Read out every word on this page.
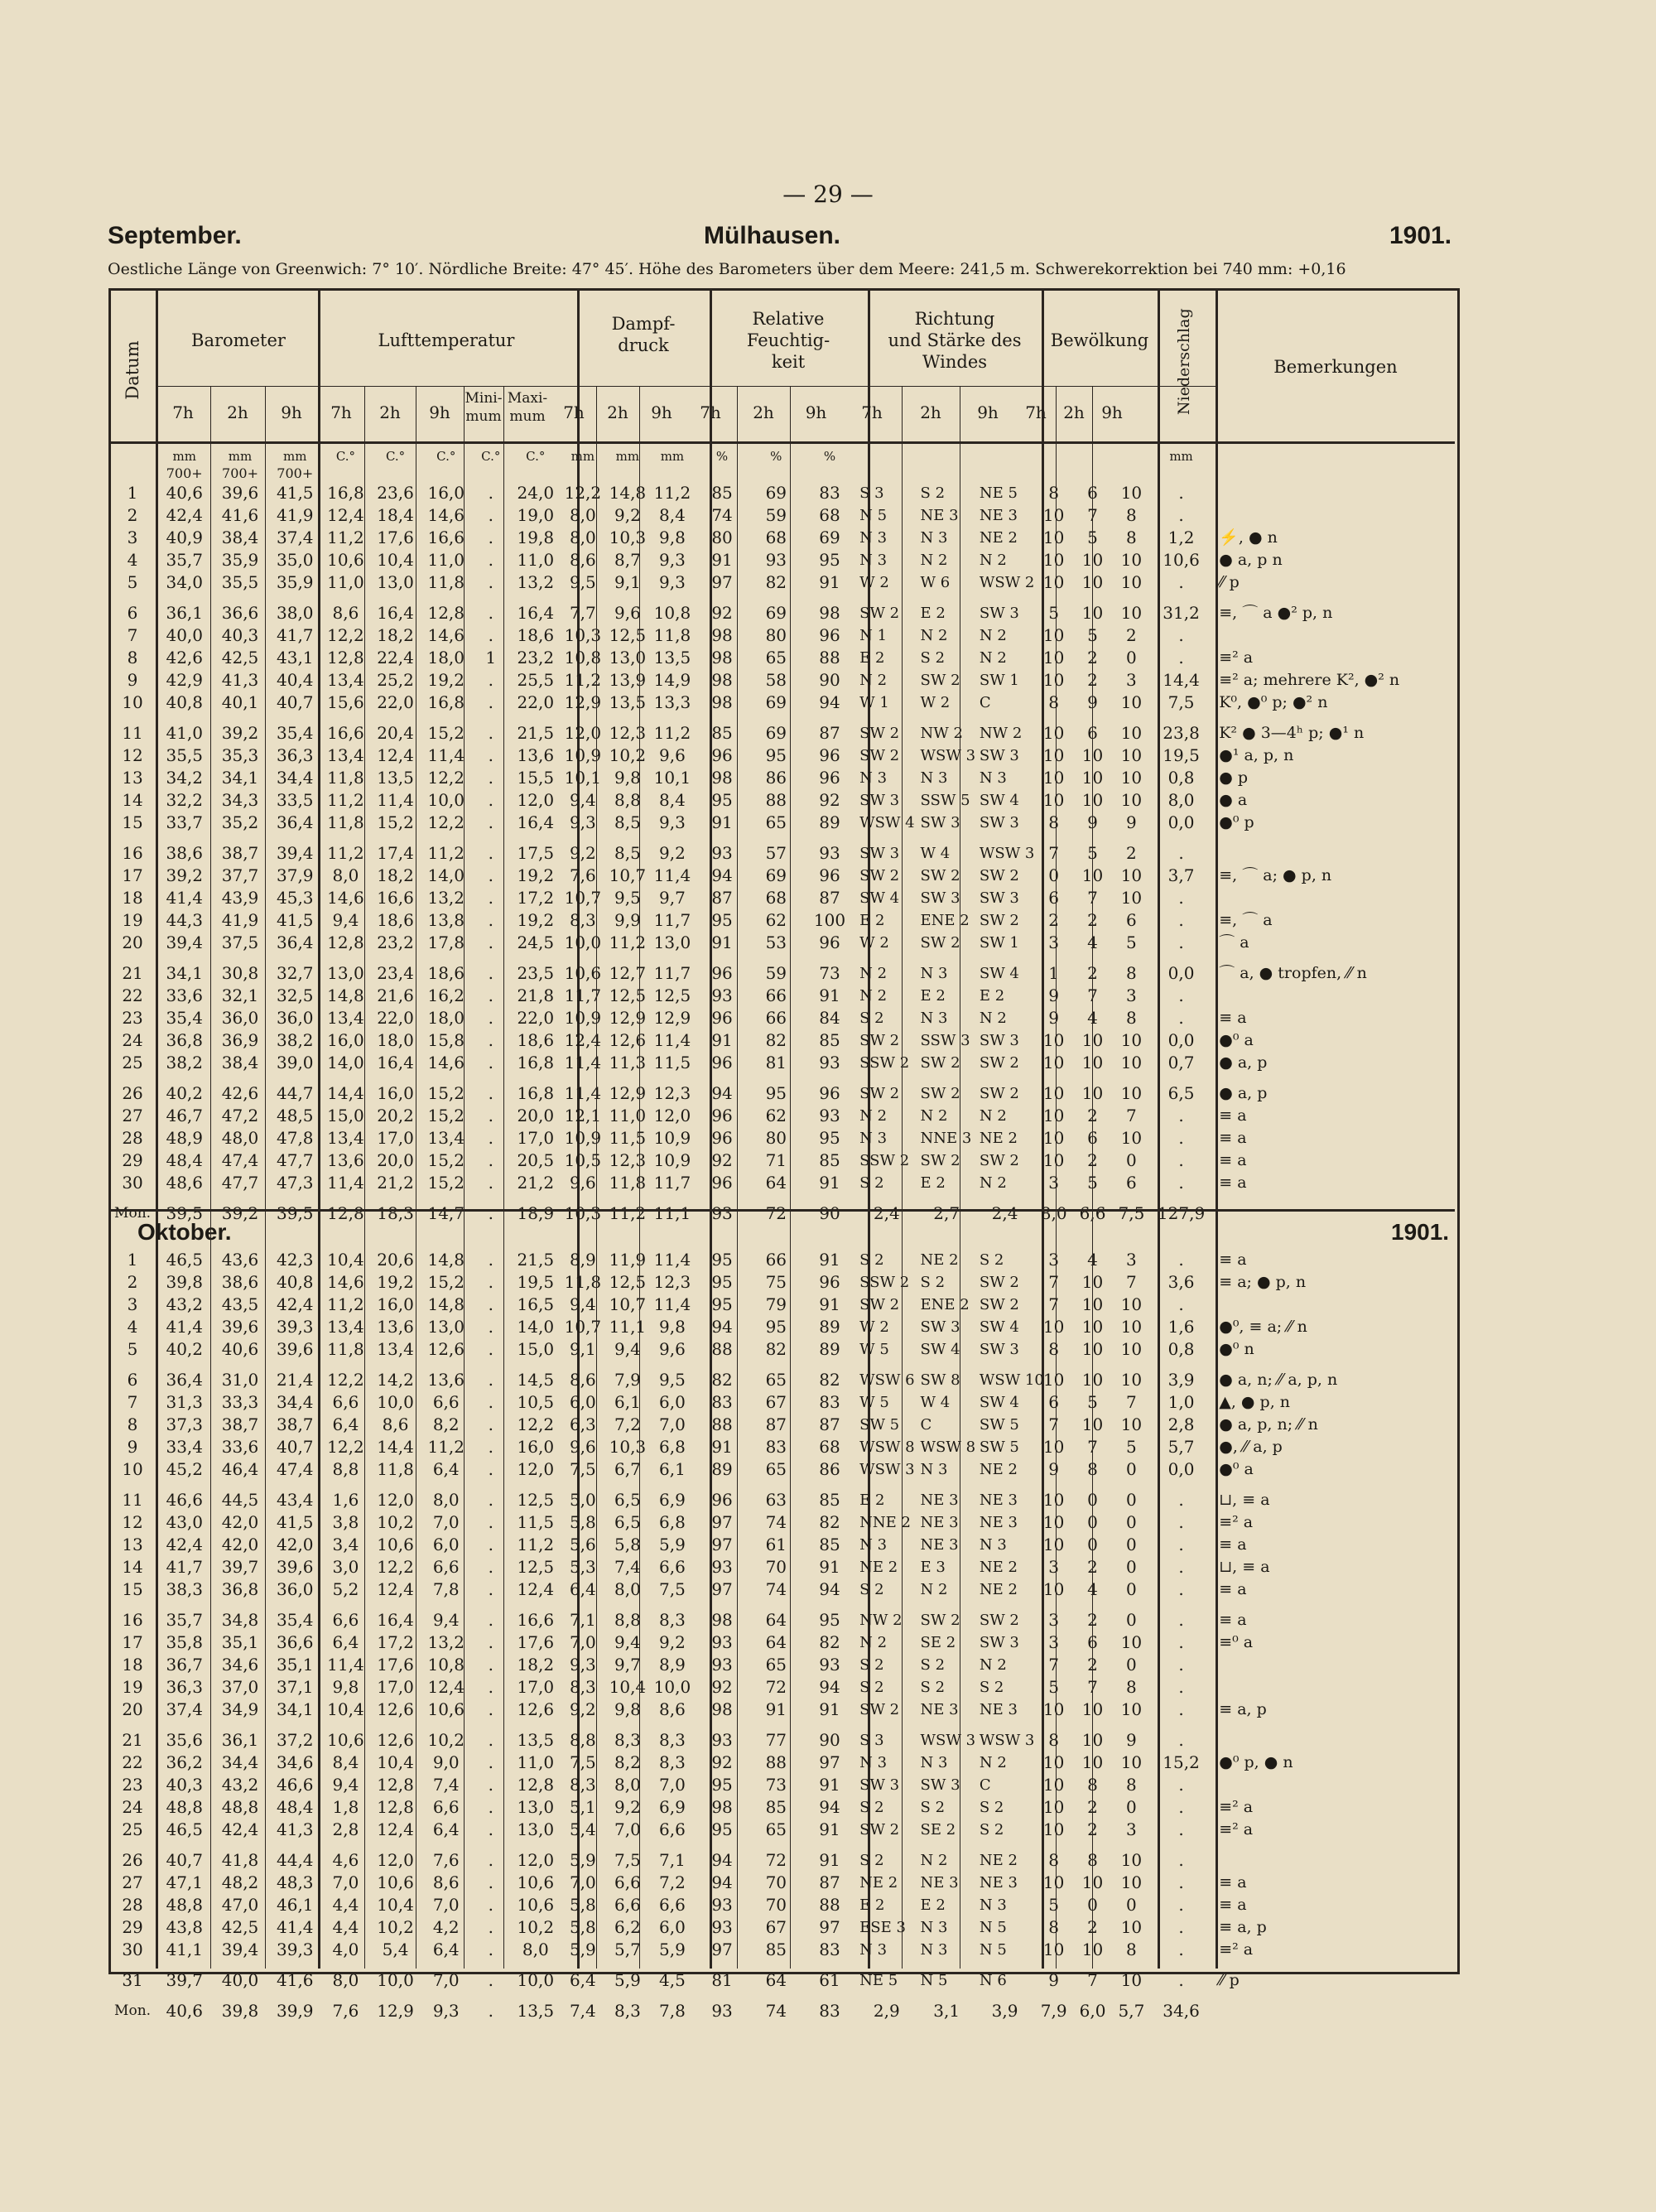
— 29 —
September.	Mülhausen.	1901.
Oestliche Länge von Greenwich: 7° 10′. Nördliche Breite: 47° 45′. Höhe des Barometers über dem Meere: 241,5 m. Schwerekorrektion bei 740 mm: +0,16
Datum
Barometer	Lufttemperatur
Dampf-
druck
Relative
Feuchtig-
keit
Richtung
und Stärke des
Windes
Bewölkung	Niederschlag	Bemerkungen
7h	2h	9h	7h	2h	9h
Mini-
mum
Maxi-
mum	7h	2h	9h	7h	2h	9h	7h	2h	9h	7h	2h	9h
	mm	mm	mm	C.°	C.°	C.°	C.°	C.°	mm	mm	mm	%	%	%							mm	
	700+	700+	700+																			
1	40,6	39,6	41,5	16,8	23,6	16,0	.	24,0	12,2	14,8	11,2	85	69	83	S 3	S 2	NE 5	8	6	10	.	
2	42,4	41,6	41,9	12,4	18,4	14,6	.	19,0	8,0	9,2	8,4	74	59	68	N 5	NE 3	NE 3	10	7	8	.	
3	40,9	38,4	37,4	11,2	17,6	16,6	.	19,8	8,0	10,3	9,8	80	68	69	N 3	N 3	NE 2	10	5	8	1,2	⚡, ● n
4	35,7	35,9	35,0	10,6	10,4	11,0	.	11,0	8,6	8,7	9,3	91	93	95	N 3	N 2	N 2	10	10	10	10,6	● a, p n
5	34,0	35,5	35,9	11,0	13,0	11,8	.	13,2	9,5	9,1	9,3	97	82	91	W 2	W 6	WSW 2	10	10	10	.	⁄⁄ p

6	36,1	36,6	38,0	8,6	16,4	12,8	.	16,4	7,7	9,6	10,8	92	69	98	SW 2	E 2	SW 3	5	10	10	31,2	≡, ⌒ a ●² p, n
7	40,0	40,3	41,7	12,2	18,2	14,6	.	18,6	10,3	12,5	11,8	98	80	96	N 1	N 2	N 2	10	5	2	.	
8	42,6	42,5	43,1	12,8	22,4	18,0	1	23,2	10,8	13,0	13,5	98	65	88	E 2	S 2	N 2	10	2	0	.	≡² a
9	42,9	41,3	40,4	13,4	25,2	19,2	.	25,5	11,2	13,9	14,9	98	58	90	N 2	SW 2	SW 1	10	2	3	14,4	≡² a; mehrere K², ●² n
10	40,8	40,1	40,7	15,6	22,0	16,8	.	22,0	12,9	13,5	13,3	98	69	94	W 1	W 2	C	8	9	10	7,5	K⁰, ●⁰ p; ●² n

11	41,0	39,2	35,4	16,6	20,4	15,2	.	21,5	12,0	12,3	11,2	85	69	87	SW 2	NW 2	NW 2	10	6	10	23,8	K² ● 3—4ʰ p; ●¹ n
12	35,5	35,3	36,3	13,4	12,4	11,4	.	13,6	10,9	10,2	9,6	96	95	96	SW 2	WSW 3	SW 3	10	10	10	19,5	●¹ a, p, n
13	34,2	34,1	34,4	11,8	13,5	12,2	.	15,5	10,1	9,8	10,1	98	86	96	N 3	N 3	N 3	10	10	10	0,8	● p
14	32,2	34,3	33,5	11,2	11,4	10,0	.	12,0	9,4	8,8	8,4	95	88	92	SW 3	SSW 5	SW 4	10	10	10	8,0	● a
15	33,7	35,2	36,4	11,8	15,2	12,2	.	16,4	9,3	8,5	9,3	91	65	89	WSW 4	SW 3	SW 3	8	9	9	0,0	●⁰ p

16	38,6	38,7	39,4	11,2	17,4	11,2	.	17,5	9,2	8,5	9,2	93	57	93	SW 3	W 4	WSW 3	7	5	2	.	
17	39,2	37,7	37,9	8,0	18,2	14,0	.	19,2	7,6	10,7	11,4	94	69	96	SW 2	SW 2	SW 2	0	10	10	3,7	≡, ⌒ a; ● p, n
18	41,4	43,9	45,3	14,6	16,6	13,2	.	17,2	10,7	9,5	9,7	87	68	87	SW 4	SW 3	SW 3	6	7	10	.	
19	44,3	41,9	41,5	9,4	18,6	13,8	.	19,2	8,3	9,9	11,7	95	62	100	E 2	ENE 2	SW 2	2	2	6	.	≡, ⌒ a
20	39,4	37,5	36,4	12,8	23,2	17,8	.	24,5	10,0	11,2	13,0	91	53	96	W 2	SW 2	SW 1	3	4	5	.	⌒ a

21	34,1	30,8	32,7	13,0	23,4	18,6	.	23,5	10,6	12,7	11,7	96	59	73	N 2	N 3	SW 4	1	2	8	0,0	⌒ a, ● tropfen, ⁄⁄ n
22	33,6	32,1	32,5	14,8	21,6	16,2	.	21,8	11,7	12,5	12,5	93	66	91	N 2	E 2	E 2	9	7	3	.	
23	35,4	36,0	36,0	13,4	22,0	18,0	.	22,0	10,9	12,9	12,9	96	66	84	S 2	N 3	N 2	9	4	8	.	≡ a
24	36,8	36,9	38,2	16,0	18,0	15,8	.	18,6	12,4	12,6	11,4	91	82	85	SW 2	SSW 3	SW 3	10	10	10	0,0	●⁰ a
25	38,2	38,4	39,0	14,0	16,4	14,6	.	16,8	11,4	11,3	11,5	96	81	93	SSW 2	SW 2	SW 2	10	10	10	0,7	● a, p

26	40,2	42,6	44,7	14,4	16,0	15,2	.	16,8	11,4	12,9	12,3	94	95	96	SW 2	SW 2	SW 2	10	10	10	6,5	● a, p
27	46,7	47,2	48,5	15,0	20,2	15,2	.	20,0	12,1	11,0	12,0	96	62	93	N 2	N 2	N 2	10	2	7	.	≡ a
28	48,9	48,0	47,8	13,4	17,0	13,4	.	17,0	10,9	11,5	10,9	96	80	95	N 3	NNE 3	NE 2	10	6	10	.	≡ a
29	48,4	47,4	47,7	13,6	20,0	15,2	.	20,5	10,5	12,3	10,9	92	71	85	SSW 2	SW 2	SW 2	10	2	0	.	≡ a
30	48,6	47,7	47,3	11,4	21,2	15,2	.	21,2	9,6	11,8	11,7	96	64	91	S 2	E 2	N 2	3	5	6	.	≡ a

Mon.	39,5	39,2	39,5	12,8	18,3	14,7	.	18,9	10,3	11,2	11,1	93	72	90	2,4	2,7	2,4	8,0	6,6	7,5	127,9	
1	46,5	43,6	42,3	10,4	20,6	14,8	.	21,5	8,9	11,9	11,4	95	66	91	S 2	NE 2	S 2	3	4	3	.	≡ a
2	39,8	38,6	40,8	14,6	19,2	15,2	.	19,5	11,8	12,5	12,3	95	75	96	SSW 2	S 2	SW 2	7	10	7	3,6	≡ a; ● p, n
3	43,2	43,5	42,4	11,2	16,0	14,8	.	16,5	9,4	10,7	11,4	95	79	91	SW 2	ENE 2	SW 2	7	10	10	.	
4	41,4	39,6	39,3	13,4	13,6	13,0	.	14,0	10,7	11,1	9,8	94	95	89	W 2	SW 3	SW 4	10	10	10	1,6	●⁰, ≡ a; ⁄⁄ n
5	40,2	40,6	39,6	11,8	13,4	12,6	.	15,0	9,1	9,4	9,6	88	82	89	W 5	SW 4	SW 3	8	10	10	0,8	●⁰ n

6	36,4	31,0	21,4	12,2	14,2	13,6	.	14,5	8,6	7,9	9,5	82	65	82	WSW 6	SW 8	WSW 10	10	10	10	3,9	● a, n; ⁄⁄ a, p, n
7	31,3	33,3	34,4	6,6	10,0	6,6	.	10,5	6,0	6,1	6,0	83	67	83	W 5	W 4	SW 4	6	5	7	1,0	▲, ● p, n
8	37,3	38,7	38,7	6,4	8,6	8,2	.	12,2	6,3	7,2	7,0	88	87	87	SW 5	C	SW 5	7	10	10	2,8	● a, p, n; ⁄⁄ n
9	33,4	33,6	40,7	12,2	14,4	11,2	.	16,0	9,6	10,3	6,8	91	83	68	WSW 8	WSW 8	SW 5	10	7	5	5,7	●, ⁄⁄ a, p
10	45,2	46,4	47,4	8,8	11,8	6,4	.	12,0	7,5	6,7	6,1	89	65	86	WSW 3	N 3	NE 2	9	8	0	0,0	●⁰ a

11	46,6	44,5	43,4	1,6	12,0	8,0	.	12,5	5,0	6,5	6,9	96	63	85	E 2	NE 3	NE 3	10	0	0	.	⊔, ≡ a
12	43,0	42,0	41,5	3,8	10,2	7,0	.	11,5	5,8	6,5	6,8	97	74	82	NNE 2	NE 3	NE 3	10	0	0	.	≡² a
13	42,4	42,0	42,0	3,4	10,6	6,0	.	11,2	5,6	5,8	5,9	97	61	85	N 3	NE 3	N 3	10	0	0	.	≡ a
14	41,7	39,7	39,6	3,0	12,2	6,6	.	12,5	5,3	7,4	6,6	93	70	91	NE 2	E 3	NE 2	3	2	0	.	⊔, ≡ a
15	38,3	36,8	36,0	5,2	12,4	7,8	.	12,4	6,4	8,0	7,5	97	74	94	S 2	N 2	NE 2	10	4	0	.	≡ a

16	35,7	34,8	35,4	6,6	16,4	9,4	.	16,6	7,1	8,8	8,3	98	64	95	NW 2	SW 2	SW 2	3	2	0	.	≡ a
17	35,8	35,1	36,6	6,4	17,2	13,2	.	17,6	7,0	9,4	9,2	93	64	82	N 2	SE 2	SW 3	3	6	10	.	≡⁰ a
18	36,7	34,6	35,1	11,4	17,6	10,8	.	18,2	9,3	9,7	8,9	93	65	93	S 2	S 2	N 2	7	2	0	.	
19	36,3	37,0	37,1	9,8	17,0	12,4	.	17,0	8,3	10,4	10,0	92	72	94	S 2	S 2	S 2	5	7	8	.	
20	37,4	34,9	34,1	10,4	12,6	10,6	.	12,6	9,2	9,8	8,6	98	91	91	SW 2	NE 3	NE 3	10	10	10	.	≡ a, p

21	35,6	36,1	37,2	10,6	12,6	10,2	.	13,5	8,8	8,3	8,3	93	77	90	S 3	WSW 3	WSW 3	8	10	9	.	
22	36,2	34,4	34,6	8,4	10,4	9,0	.	11,0	7,5	8,2	8,3	92	88	97	N 3	N 3	N 2	10	10	10	15,2	●⁰ p, ● n
23	40,3	43,2	46,6	9,4	12,8	7,4	.	12,8	8,3	8,0	7,0	95	73	91	SW 3	SW 3	C	10	8	8	.	
24	48,8	48,8	48,4	1,8	12,8	6,6	.	13,0	5,1	9,2	6,9	98	85	94	S 2	S 2	S 2	10	2	0	.	≡² a
25	46,5	42,4	41,3	2,8	12,4	6,4	.	13,0	5,4	7,0	6,6	95	65	91	SW 2	SE 2	S 2	10	2	3	.	≡² a

26	40,7	41,8	44,4	4,6	12,0	7,6	.	12,0	5,9	7,5	7,1	94	72	91	S 2	N 2	NE 2	8	8	10	.	
27	47,1	48,2	48,3	7,0	10,6	8,6	.	10,6	7,0	6,6	7,2	94	70	87	NE 2	NE 3	NE 3	10	10	10	.	≡ a
28	48,8	47,0	46,1	4,4	10,4	7,0	.	10,6	5,8	6,6	6,6	93	70	88	E 2	E 2	N 3	5	0	0	.	≡ a
29	43,8	42,5	41,4	4,4	10,2	4,2	.	10,2	5,8	6,2	6,0	93	67	97	ESE 3	N 3	N 5	8	2	10	.	≡ a, p
30	41,1	39,4	39,3	4,0	5,4	6,4	.	8,0	5,9	5,7	5,9	97	85	83	N 3	N 3	N 5	10	10	8	.	≡² a

31	39,7	40,0	41,6	8,0	10,0	7,0	.	10,0	6,4	5,9	4,5	81	64	61	NE 5	N 5	N 6	9	7	10	.	⁄⁄ p

Mon.	40,6	39,8	39,9	7,6	12,9	9,3	.	13,5	7,4	8,3	7,8	93	74	83	2,9	3,1	3,9	7,9	6,0	5,7	34,6	
Oktober.	1901.
